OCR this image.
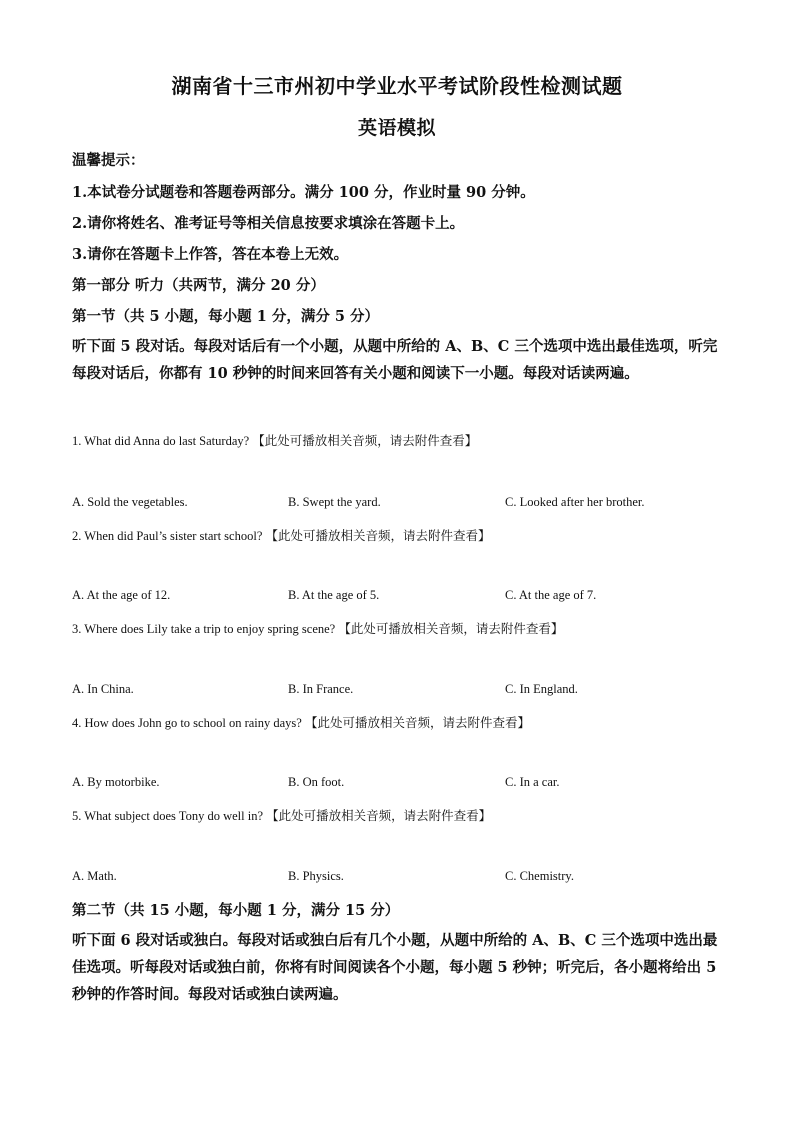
湖南省十三市州初中学业水平考试阶段性检测试题
英语模拟
温馨提示：
1.本试卷分试题卷和答题卷两部分。满分 100 分，作业时量 90 分钟。
2.请你将姓名、准考证号等相关信息按要求填涂在答题卡上。
3.请你在答题卡上作答，答在本卷上无效。
第一部分 听力（共两节，满分 20 分）
第一节（共 5 小题，每小题 1 分，满分 5 分）
听下面 5 段对话。每段对话后有一个小题，从题中所给的 A、B、C 三个选项中选出最佳选项，听完每段对话后，你都有 10 秒钟的时间来回答有关小题和阅读下一小题。每段对话读两遍。
1. What did Anna do last Saturday? 【此处可播放相关音频，请去附件查看】
A. Sold the vegetables.	B. Swept the yard.	C. Looked after her brother.
2. When did Paul’s sister start school? 【此处可播放相关音频，请去附件查看】
A. At the age of 12.	B. At the age of 5.	C. At the age of 7.
3. Where does Lily take a trip to enjoy spring scene? 【此处可播放相关音频，请去附件查看】
A. In China.	B. In France.	C. In England.
4. How does John go to school on rainy days? 【此处可播放相关音频，请去附件查看】
A. By motorbike.	B. On foot.	C. In a car.
5. What subject does Tony do well in? 【此处可播放相关音频，请去附件查看】
A. Math.	B. Physics.	C. Chemistry.
第二节（共 15 小题，每小题 1 分，满分 15 分）
听下面 6 段对话或独白。每段对话或独白后有几个小题，从题中所给的 A、B、C 三个选项中选出最佳选项。听每段对话或独白前，你将有时间阅读各个小题，每小题 5 秒钟；听完后，各小题将给出 5 秒钟的作答时间。每段对话或独白读两遍。
